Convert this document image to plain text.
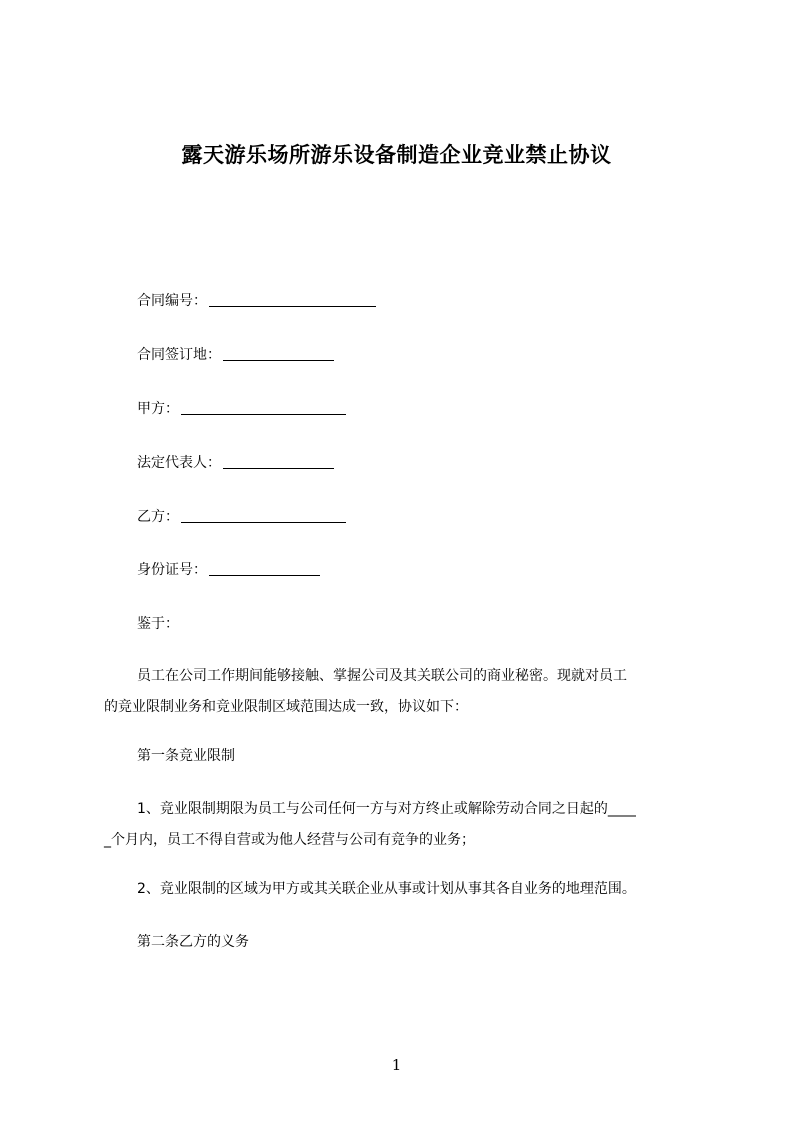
露天游乐场所游乐设备制造企业竞业禁止协议
合同编号：
合同签订地：
甲方：
法定代表人：
乙方：
身份证号：
鉴于：
员工在公司工作期间能够接触、掌握公司及其关联公司的商业秘密。现就对员工
的竞业限制业务和竞业限制区域范围达成一致，协议如下：
第一条竞业限制
1、竞业限制期限为员工与公司任何一方与对方终止或解除劳动合同之日起的____
_个月内，员工不得自营或为他人经营与公司有竞争的业务；
2、竞业限制的区域为甲方或其关联企业从事或计划从事其各自业务的地理范围。
第二条乙方的义务
1
